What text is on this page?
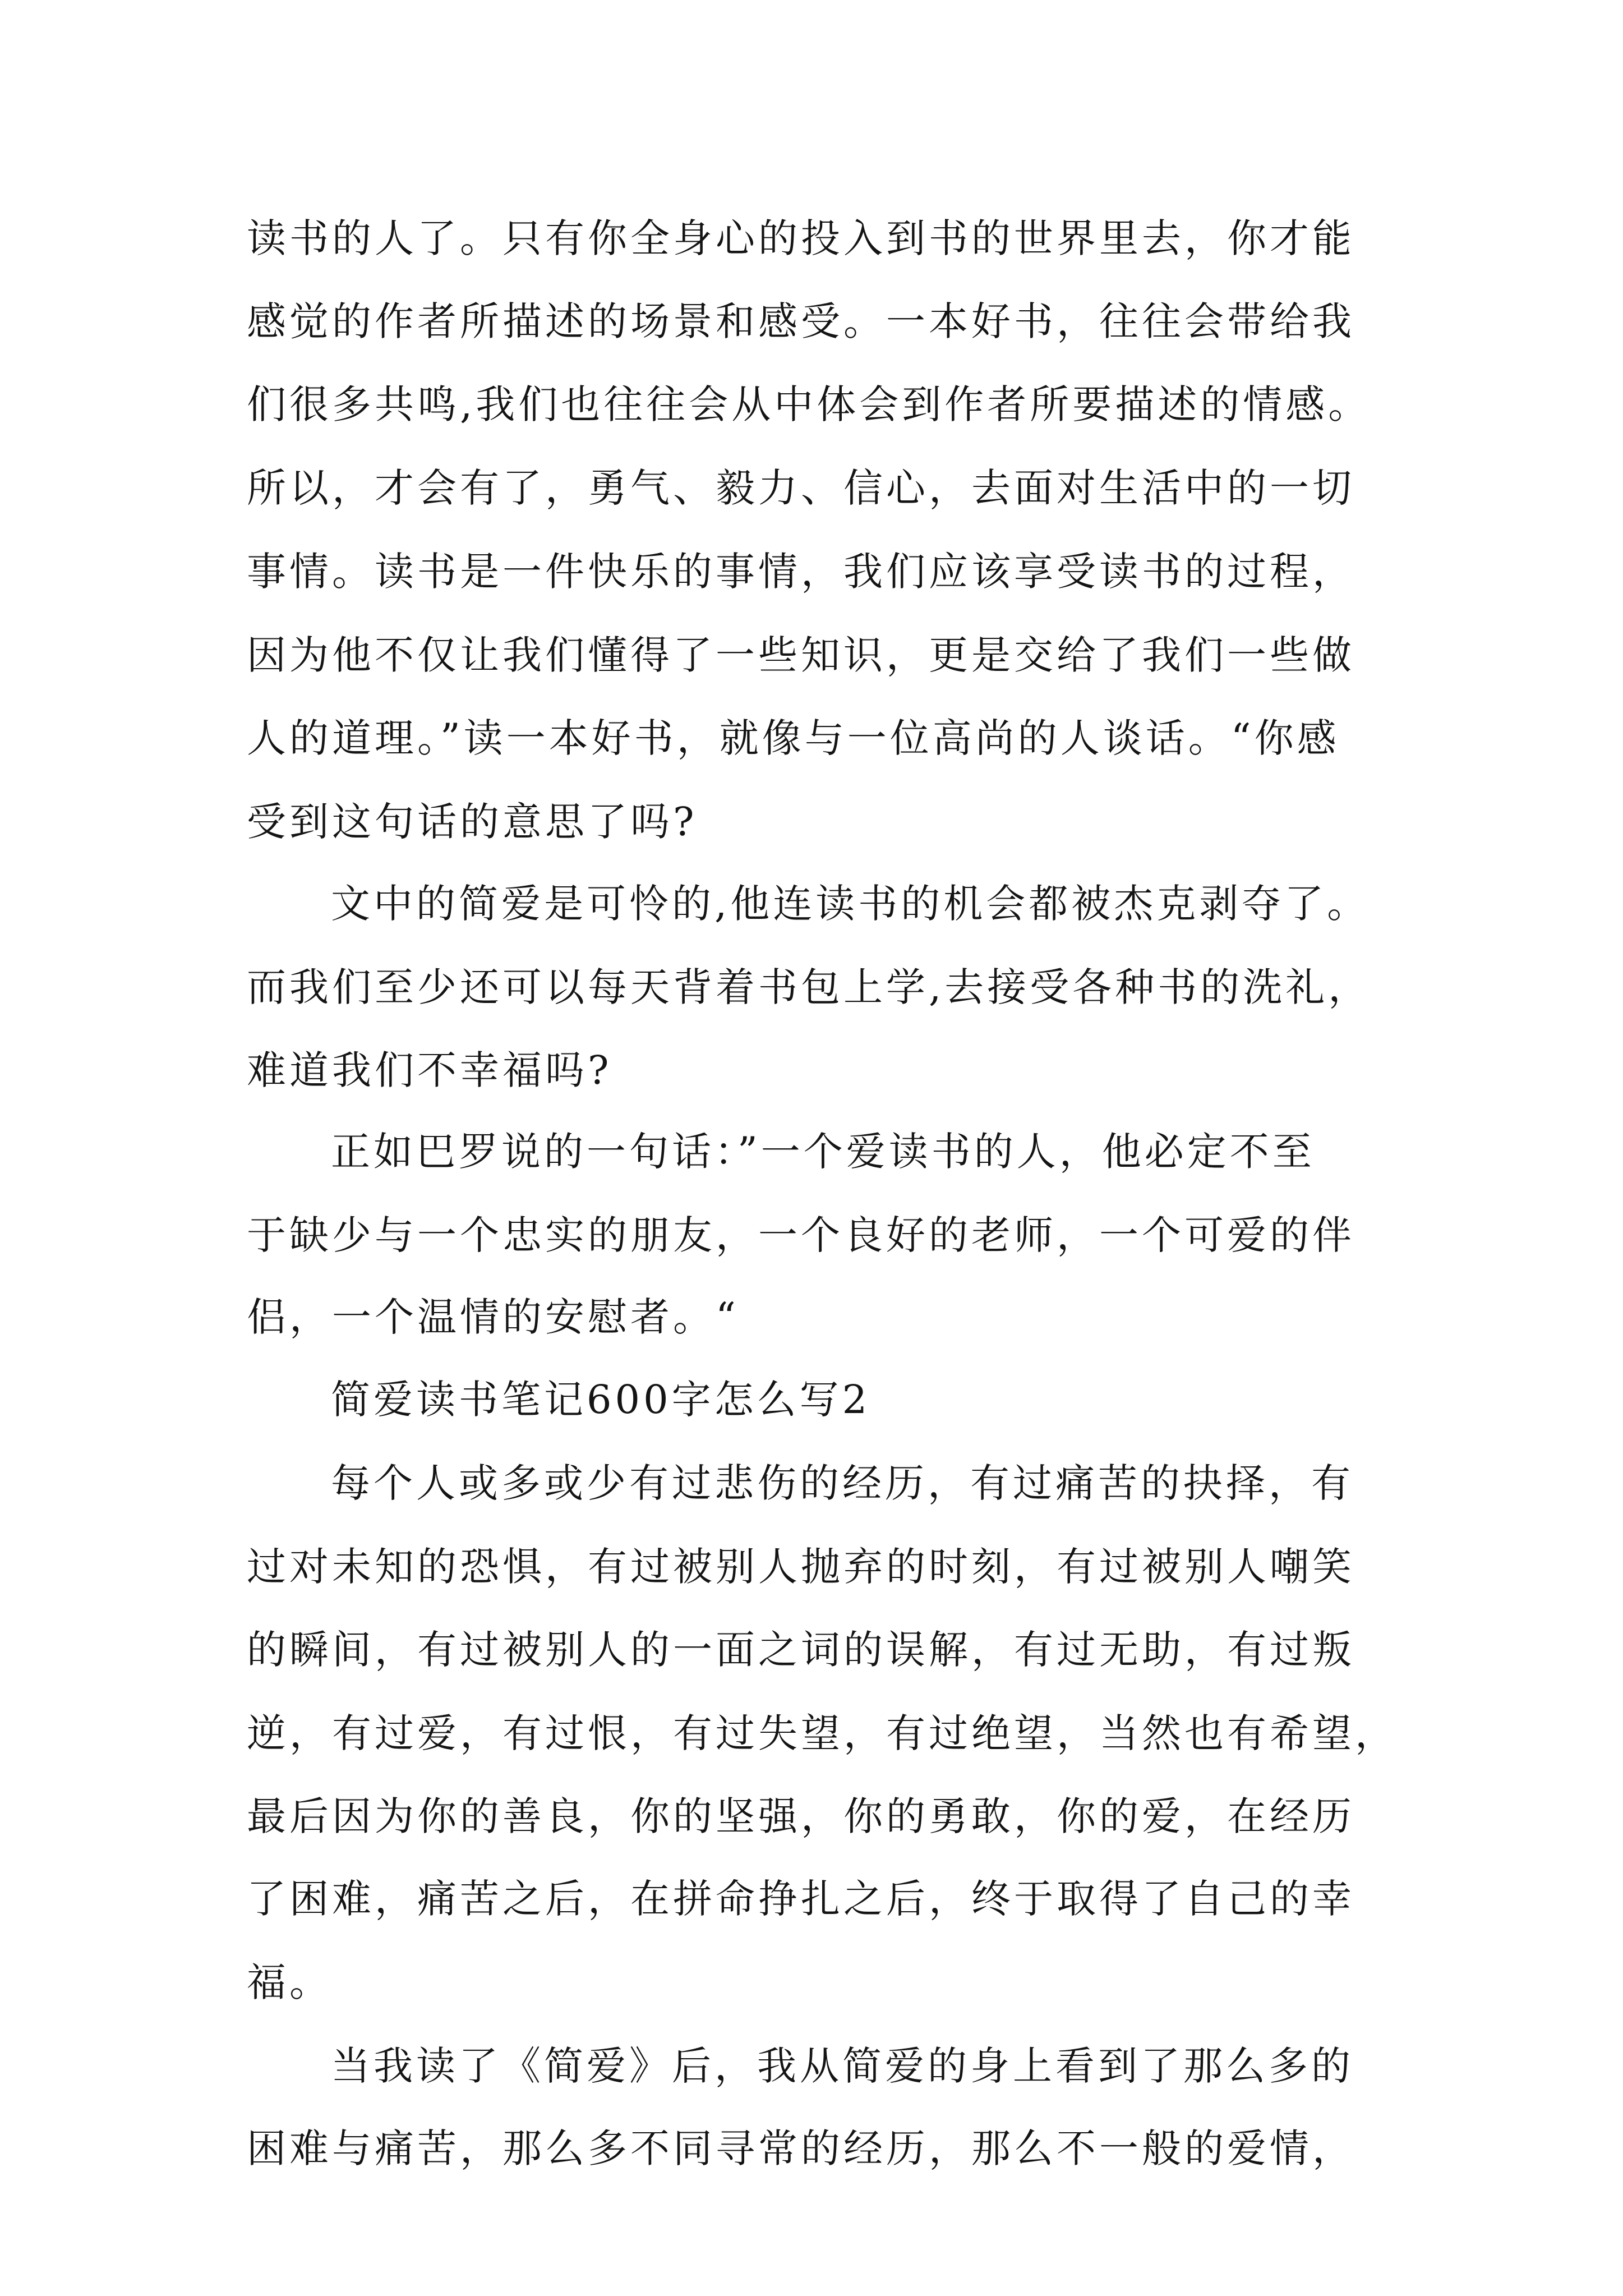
读书的人了。只有你全身心的投入到书的世界里去，你才能
感觉的作者所描述的场景和感受。一本好书，往往会带给我
们很多共鸣,我们也往往会从中体会到作者所要描述的情感。
所以，才会有了，勇气、毅力、信心，去面对生活中的一切
事情。读书是一件快乐的事情，我们应该享受读书的过程，
因为他不仅让我们懂得了一些知识，更是交给了我们一些做
人的道理。”读一本好书，就像与一位高尚的人谈话。“你感
受到这句话的意思了吗?
文中的简爱是可怜的,他连读书的机会都被杰克剥夺了。
而我们至少还可以每天背着书包上学,去接受各种书的洗礼，
难道我们不幸福吗?
正如巴罗说的一句话：”一个爱读书的人，他必定不至
于缺少与一个忠实的朋友，一个良好的老师，一个可爱的伴
侣，一个温情的安慰者。“
简爱读书笔记600字怎么写2
每个人或多或少有过悲伤的经历，有过痛苦的抉择，有
过对未知的恐惧，有过被别人抛弃的时刻，有过被别人嘲笑
的瞬间，有过被别人的一面之词的误解，有过无助，有过叛
逆，有过爱，有过恨，有过失望，有过绝望，当然也有希望，
最后因为你的善良，你的坚强，你的勇敢，你的爱，在经历
了困难，痛苦之后，在拼命挣扎之后，终于取得了自己的幸
福。
当我读了《简爱》后，我从简爱的身上看到了那么多的
困难与痛苦，那么多不同寻常的经历，那么不一般的爱情，
